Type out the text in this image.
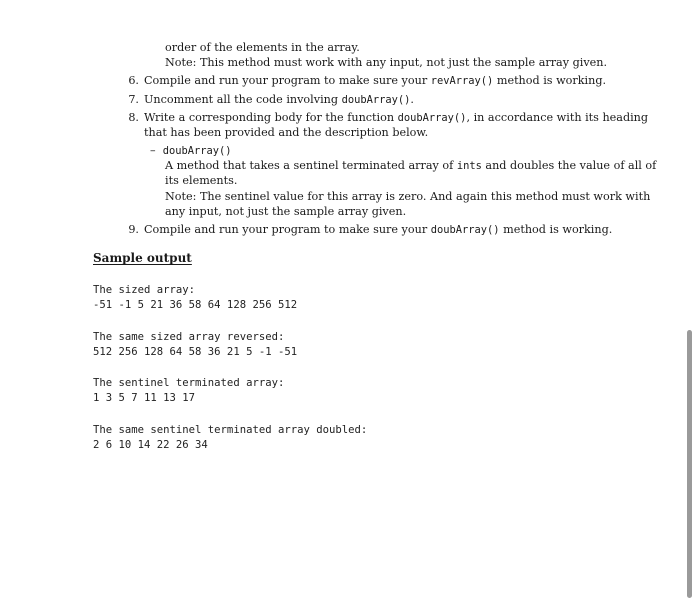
order of the elements in the array.
Note: This method must work with any input, not just the sample array given.
6. Compile and run your program to make sure your revArray() method is working.
7. Uncomment all the code involving doubArray().
8. Write a corresponding body for the function doubArray(), in accordance with its heading
that has been provided and the description below.
– doubArray()
A method that takes a sentinel terminated array of ints and doubles the value of all of
its elements.
Note: The sentinel value for this array is zero. And again this method must work with
any input, not just the sample array given.
9. Compile and run your program to make sure your doubArray() method is working.
Sample output
The sized array:
-51 -1 5 21 36 58 64 128 256 512
The same sized array reversed:
512 256 128 64 58 36 21 5 -1 -51
The sentinel terminated array:
1 3 5 7 11 13 17
The same sentinel terminated array doubled:
2 6 10 14 22 26 34
